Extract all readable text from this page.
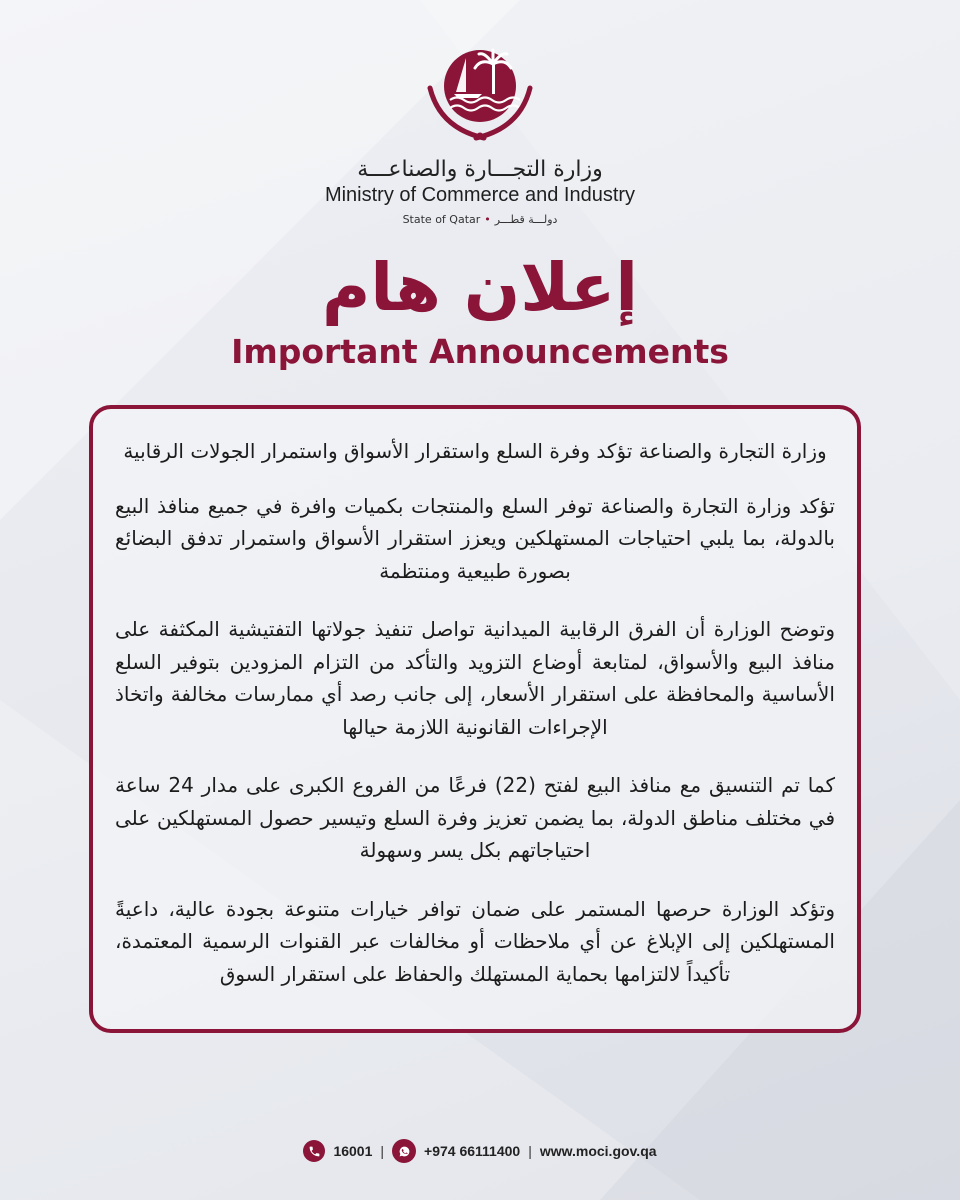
وزارة التجـــارة والصناعـــة
Ministry of Commerce and Industry
State of Qatar • دولـــة قطـــر
إعلان هام
Important Announcements

وزارة التجارة والصناعة تؤكد وفرة السلع واستقرار الأسواق واستمرار الجولات الرقابية

تؤكد وزارة التجارة والصناعة توفر السلع والمنتجات بكميات وافرة في جميع منافذ البيع بالدولة، بما يلبي احتياجات المستهلكين ويعزز استقرار الأسواق واستمرار تدفق البضائع بصورة طبيعية ومنتظمة

وتوضح الوزارة أن الفرق الرقابية الميدانية تواصل تنفيذ جولاتها التفتيشية المكثفة على منافذ البيع والأسواق، لمتابعة أوضاع التزويد والتأكد من التزام المزودين بتوفير السلع الأساسية والمحافظة على استقرار الأسعار، إلى جانب رصد أي ممارسات مخالفة واتخاذ الإجراءات القانونية اللازمة حيالها

كما تم التنسيق مع منافذ البيع لفتح (22) فرعًا من الفروع الكبرى على مدار 24 ساعة في مختلف مناطق الدولة، بما يضمن تعزيز وفرة السلع وتيسير حصول المستهلكين على احتياجاتهم بكل يسر وسهولة

وتؤكد الوزارة حرصها المستمر على ضمان توافر خيارات متنوعة بجودة عالية، داعيةً المستهلكين إلى الإبلاغ عن أي ملاحظات أو مخالفات عبر القنوات الرسمية المعتمدة، تأكيداً لالتزامها بحماية المستهلك والحفاظ على استقرار السوق

16001 |	+974 66111400 | www.moci.gov.qa
